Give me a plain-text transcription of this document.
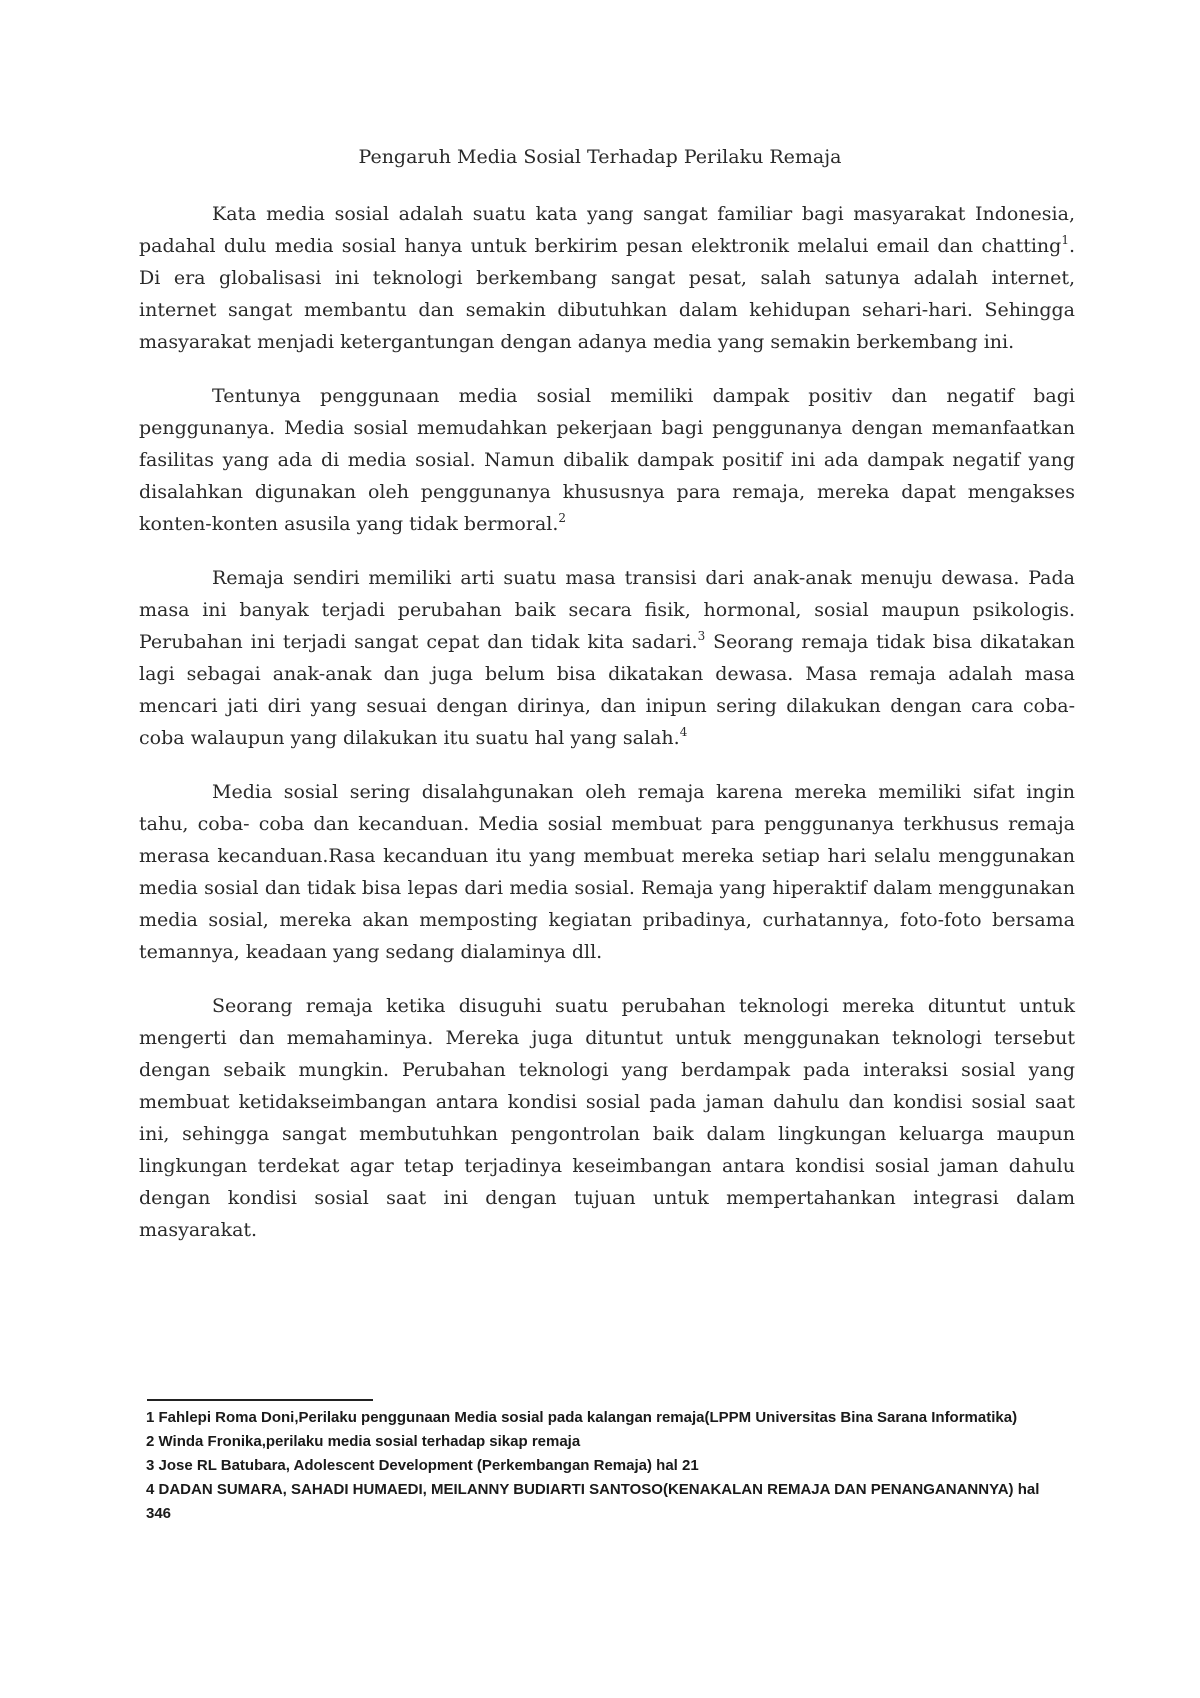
Pengaruh Media Sosial Terhadap Perilaku Remaja

Kata media sosial adalah suatu kata yang sangat familiar bagi masyarakat Indonesia, padahal dulu media sosial hanya untuk berkirim pesan elektronik melalui email dan chatting$^1$. Di era globalisasi ini teknologi berkembang sangat pesat, salah satunya adalah internet, internet sangat membantu dan semakin dibutuhkan dalam kehidupan sehari-hari. Sehingga masyarakat menjadi ketergantungan dengan adanya media yang semakin berkembang ini.

Tentunya penggunaan media sosial memiliki dampak positiv dan negatif bagi penggunanya. Media sosial memudahkan pekerjaan bagi penggunanya dengan memanfaatkan fasilitas yang ada di media sosial. Namun dibalik dampak positif ini ada dampak negatif yang disalahkan digunakan oleh penggunanya khususnya para remaja, mereka dapat mengakses konten-konten asusila yang tidak bermoral.$^2$

Remaja sendiri memiliki arti suatu masa transisi dari anak-anak menuju dewasa. Pada masa ini banyak terjadi perubahan baik secara fisik, hormonal, sosial maupun psikologis. Perubahan ini terjadi sangat cepat dan tidak kita sadari.$^3$ Seorang remaja tidak bisa dikatakan lagi sebagai anak-anak dan juga belum bisa dikatakan dewasa. Masa remaja adalah masa mencari jati diri yang sesuai dengan dirinya, dan inipun sering dilakukan dengan cara coba-coba walaupun yang dilakukan itu suatu hal yang salah.$^4$

Media sosial sering disalahgunakan oleh remaja karena mereka memiliki sifat ingin tahu, coba- coba dan kecanduan. Media sosial membuat para penggunanya terkhusus remaja merasa kecanduan.Rasa kecanduan itu yang membuat mereka setiap hari selalu menggunakan media sosial dan tidak bisa lepas dari media sosial. Remaja yang hiperaktif dalam menggunakan media sosial, mereka akan memposting kegiatan pribadinya, curhatannya, foto-foto bersama temannya, keadaan yang sedang dialaminya dll.

Seorang remaja ketika disuguhi suatu perubahan teknologi mereka dituntut untuk mengerti dan memahaminya. Mereka juga dituntut untuk menggunakan teknologi tersebut dengan sebaik mungkin. Perubahan teknologi yang berdampak pada interaksi sosial yang membuat ketidakseimbangan antara kondisi sosial pada jaman dahulu dan kondisi sosial saat ini, sehingga sangat membutuhkan pengontrolan baik dalam lingkungan keluarga maupun lingkungan terdekat agar tetap terjadinya keseimbangan antara kondisi sosial jaman dahulu dengan kondisi sosial saat ini dengan tujuan untuk mempertahankan integrasi dalam masyarakat.

1 Fahlepi Roma Doni,Perilaku penggunaan Media sosial pada kalangan remaja(LPPM Universitas Bina Sarana Informatika)

2 Winda Fronika,perilaku media sosial terhadap sikap remaja

3 Jose RL Batubara, Adolescent Development (Perkembangan Remaja) hal 21

4 DADAN SUMARA, SAHADI HUMAEDI, MEILANNY BUDIARTI SANTOSO(KENAKALAN REMAJA DAN PENANGANANNYA) hal 346
